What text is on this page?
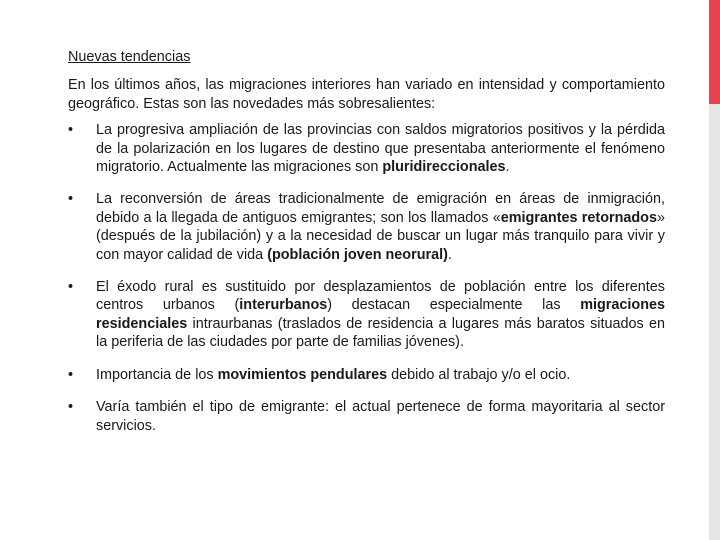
Nuevas tendencias

En los últimos años, las migraciones interiores han variado en intensidad y comportamiento geográfico. Estas son las novedades más sobresalientes:

• La progresiva ampliación de las provincias con saldos migratorios positivos y la pérdida de la polarización en los lugares de destino que presentaba anteriormente el fenómeno migratorio. Actualmente las migraciones son pluridireccionales.
• La reconversión de áreas tradicionalmente de emigración en áreas de inmigración, debido a la llegada de antiguos emigrantes; son los llamados «emigrantes retornados» (después de la jubilación) y a la necesidad de buscar un lugar más tranquilo para vivir y con mayor calidad de vida (población joven neorural).
• El éxodo rural es sustituido por desplazamientos de población entre los diferentes centros urbanos (interurbanos) destacan especialmente las migraciones residenciales intraurbanas (traslados de residencia a lugares más baratos situados en la periferia de las ciudades por parte de familias jóvenes).
• Importancia de los movimientos pendulares debido al trabajo y/o el ocio.
• Varía también el tipo de emigrante: el actual pertenece de forma mayoritaria al sector servicios.
